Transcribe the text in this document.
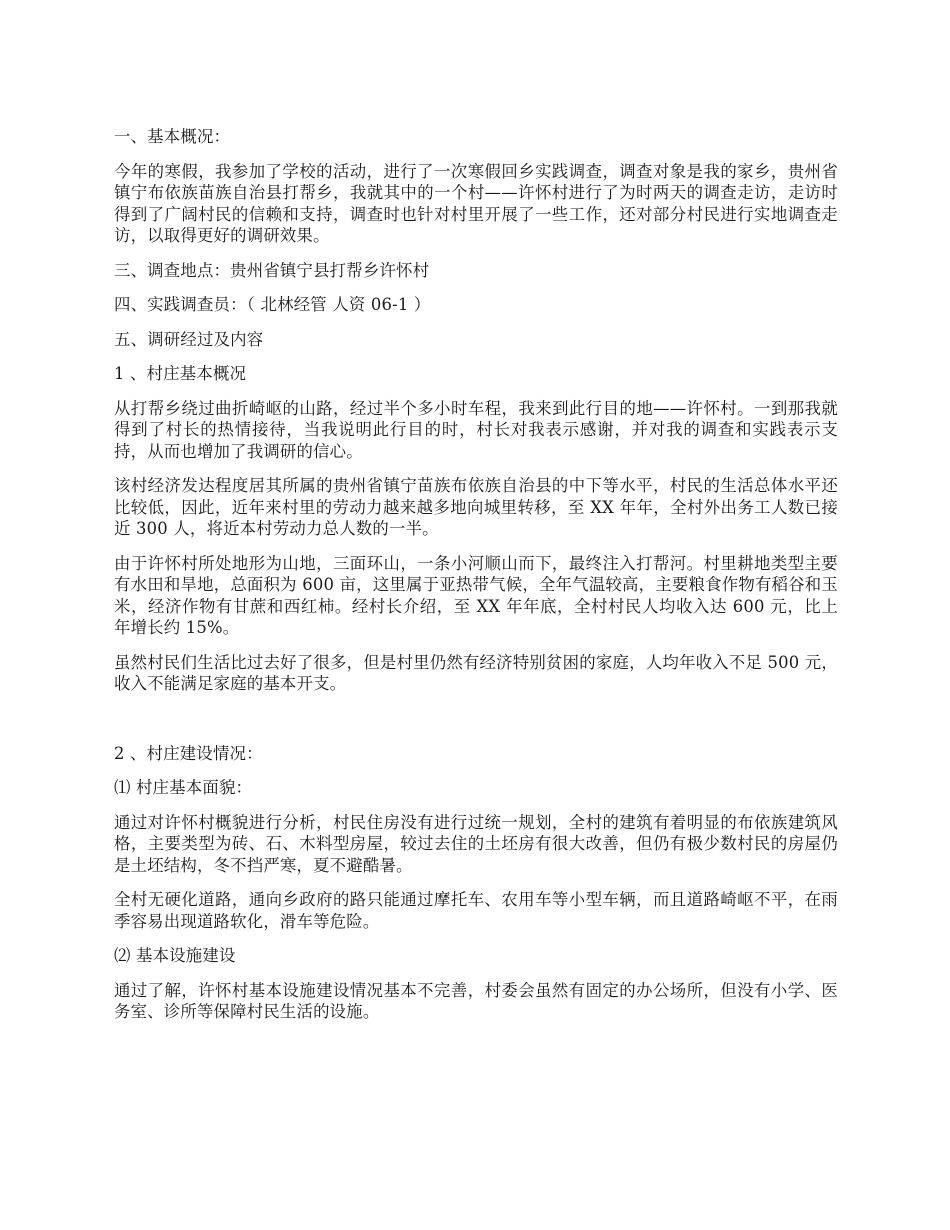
一、基本概况：

今年的寒假，我参加了学校的活动，进行了一次寒假回乡实践调查，调查对象是我的家乡，贵州省镇宁布依族苗族自治县打帮乡，我就其中的一个村——许怀村进行了为时两天的调查走访，走访时得到了广阔村民的信赖和支持，调查时也针对村里开展了一些工作，还对部分村民进行实地调查走访，以取得更好的调研效果。

三、调查地点：贵州省镇宁县打帮乡许怀村

四、实践调查员：（ 北林经管 人资 06-1 ）

五、调研经过及内容

1 、村庄基本概况

从打帮乡绕过曲折崎岖的山路，经过半个多小时车程，我来到此行目的地——许怀村。一到那我就得到了村长的热情接待，当我说明此行目的时，村长对我表示感谢，并对我的调查和实践表示支持，从而也增加了我调研的信心。

该村经济发达程度居其所属的贵州省镇宁苗族布依族自治县的中下等水平，村民的生活总体水平还比较低，因此，近年来村里的劳动力越来越多地向城里转移，至 XX 年年，全村外出务工人数已接近 300 人，将近本村劳动力总人数的一半。

由于许怀村所处地形为山地，三面环山，一条小河顺山而下，最终注入打帮河。村里耕地类型主要有水田和旱地，总面积为 600 亩，这里属于亚热带气候，全年气温较高，主要粮食作物有稻谷和玉米，经济作物有甘蔗和西红柿。经村长介绍，至 XX 年年底，全村村民人均收入达 600 元，比上年增长约 15%。

虽然村民们生活比过去好了很多，但是村里仍然有经济特别贫困的家庭，人均年收入不足 500 元，收入不能满足家庭的基本开支。

2 、村庄建设情况：

⑴ 村庄基本面貌：

通过对许怀村概貌进行分析，村民住房没有进行过统一规划，全村的建筑有着明显的布依族建筑风格，主要类型为砖、石、木料型房屋，较过去住的土坯房有很大改善，但仍有极少数村民的房屋仍是土坯结构，冬不挡严寒，夏不避酷暑。

全村无硬化道路，通向乡政府的路只能通过摩托车、农用车等小型车辆，而且道路崎岖不平，在雨季容易出现道路软化，滑车等危险。

⑵ 基本设施建设

通过了解，许怀村基本设施建设情况基本不完善，村委会虽然有固定的办公场所，但没有小学、医务室、诊所等保障村民生活的设施。
